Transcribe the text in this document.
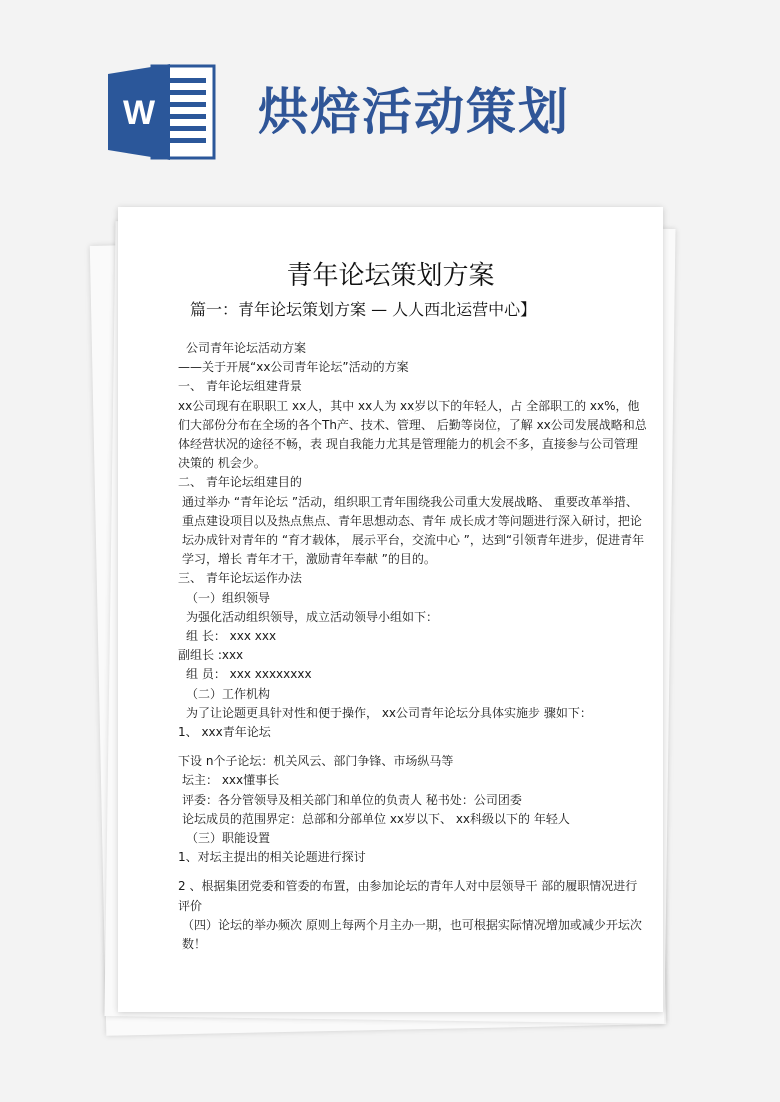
W 烘焙活动策划
青年论坛策划方案
篇一：青年论坛策划方案 — 人人西北运营中心】

公司青年论坛活动方案

——关于开展“xx公司青年论坛”活动的方案

一、 青年论坛组建背景

xx公司现有在职职工 xx人，其中 xx人为 xx岁以下的年轻人，占 全部职工的 xx%，他们大部份分布在全场的各个Th产、技术、管理、 后勤等岗位，了解 xx公司发展战略和总体经营状况的途径不畅，表 现自我能力尤其是管理能力的机会不多，直接参与公司管理决策的 机会少。

二、 青年论坛组建目的

通过举办 “青年论坛 ”活动，组织职工青年围绕我公司重大发展战略、 重要改革举措、重点建设项目以及热点焦点、青年思想动态、青年 成长成才等问题进行深入研讨，把论坛办成针对青年的 “育才载体， 展示平台，交流中心 ”，达到“引领青年进步，促进青年学习，增长 青年才干，激励青年奉献 ”的目的。

三、 青年论坛运作办法

（一）组织领导

为强化活动组织领导，成立活动领导小组如下：

组 长： xxx xxx

副组长 :xxx

组 员： xxx xxxxxxxx

（二）工作机构

为了让论题更具针对性和便于操作， xx公司青年论坛分具体实施步 骤如下：

1、 xxx青年论坛

下设 n个子论坛：机关风云、部门争锋、市场纵马等

坛主： xxx懂事长

评委：各分管领导及相关部门和单位的负责人 秘书处：公司团委

论坛成员的范围界定：总部和分部单位 xx岁以下、 xx科级以下的 年轻人

（三）职能设置

1、对坛主提出的相关论题进行探讨

2 、根据集团党委和管委的布置，由参加论坛的青年人对中层领导干 部的履职情况进行评价

（四）论坛的举办频次 原则上每两个月主办一期，也可根据实际情况增加或减少开坛次数！
